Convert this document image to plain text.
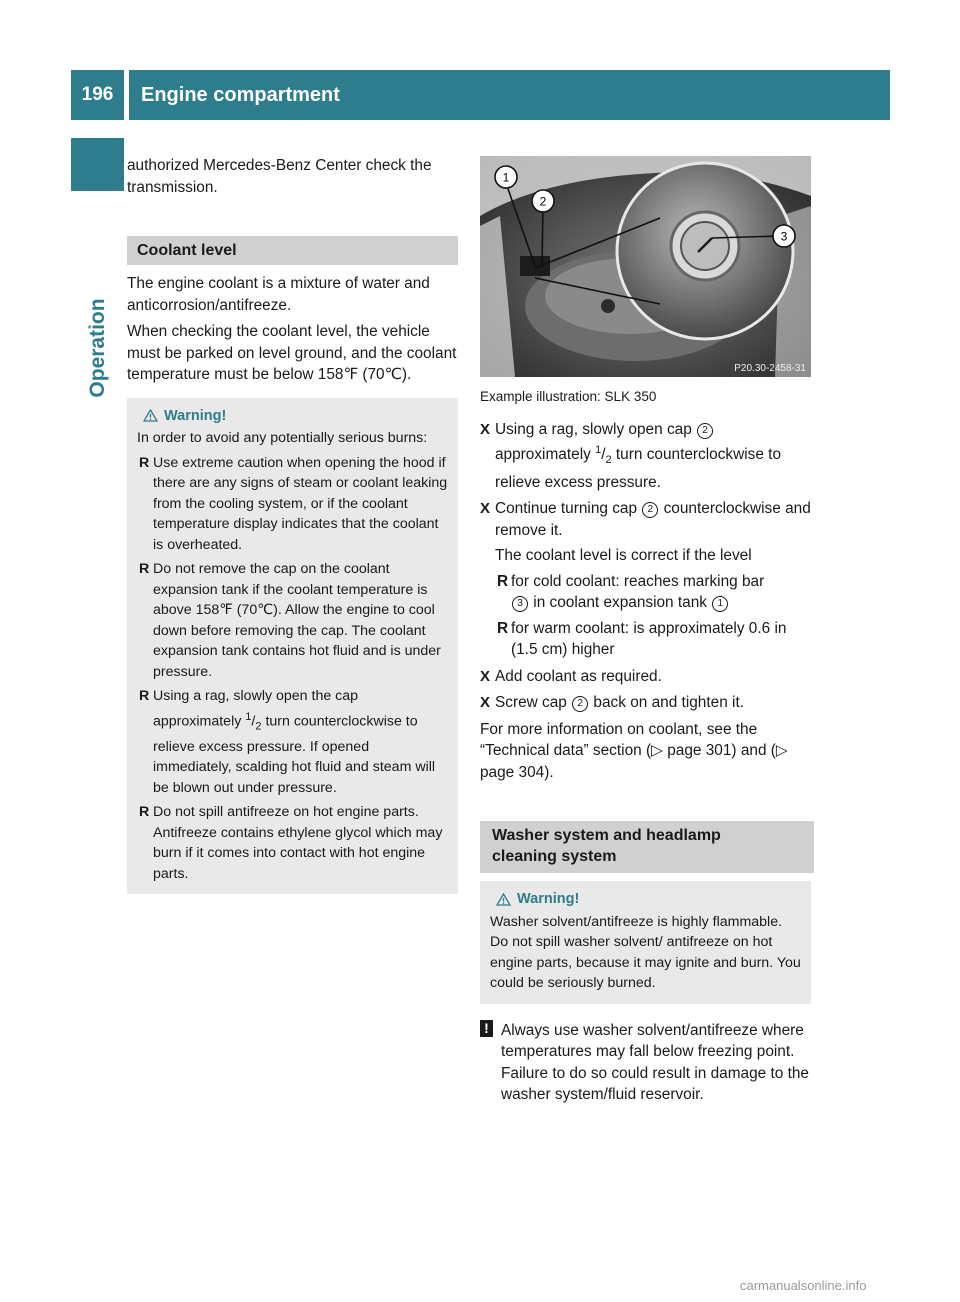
196	Engine compartment
Operation

authorized Mercedes-Benz Center check the transmission.

Coolant level

The engine coolant is a mixture of water and anticorrosion/antifreeze.

When checking the coolant level, the vehicle must be parked on level ground, and the coolant temperature must be below 158℉ (70℃).

Warning!
In order to avoid any potentially serious burns:
R Use extreme caution when opening the hood if there are any signs of steam or coolant leaking from the cooling system, or if the coolant temperature display indicates that the coolant is overheated.
R Do not remove the cap on the coolant expansion tank if the coolant temperature is above 158℉ (70℃). Allow the engine to cool down before removing the cap. The coolant expansion tank contains hot fluid and is under pressure.
R Using a rag, slowly open the cap approximately $^1/_2$ turn counterclockwise to relieve excess pressure. If opened immediately, scalding hot fluid and steam will be blown out under pressure.
R Do not spill antifreeze on hot engine parts. Antifreeze contains ethylene glycol which may burn if it comes into contact with hot engine parts.
1
2
3
P20.30-2458-31

Example illustration: SLK 350

X Using a rag, slowly open cap 2
approximately $^1/_2$ turn counterclockwise to relieve excess pressure.
X Continue turning cap 2 counterclockwise and remove it.

The coolant level is correct if the level

R for cold coolant: reaches marking bar
3 in coolant expansion tank 1
R for warm coolant: is approximately 0.6 in (1.5 cm) higher
X Add coolant as required.
X Screw cap 2 back on and tighten it.

For more information on coolant, see the “Technical data” section (▷ page 301) and (▷ page 304).

Washer system and headlamp
cleaning system
Warning!
Washer solvent/antifreeze is highly flammable. Do not spill washer solvent/ antifreeze on hot engine parts, because it may ignite and burn. You could be seriously burned.
! Always use washer solvent/antifreeze where temperatures may fall below freezing point. Failure to do so could result in damage to the washer system/fluid reservoir.
carmanualsonline.info
